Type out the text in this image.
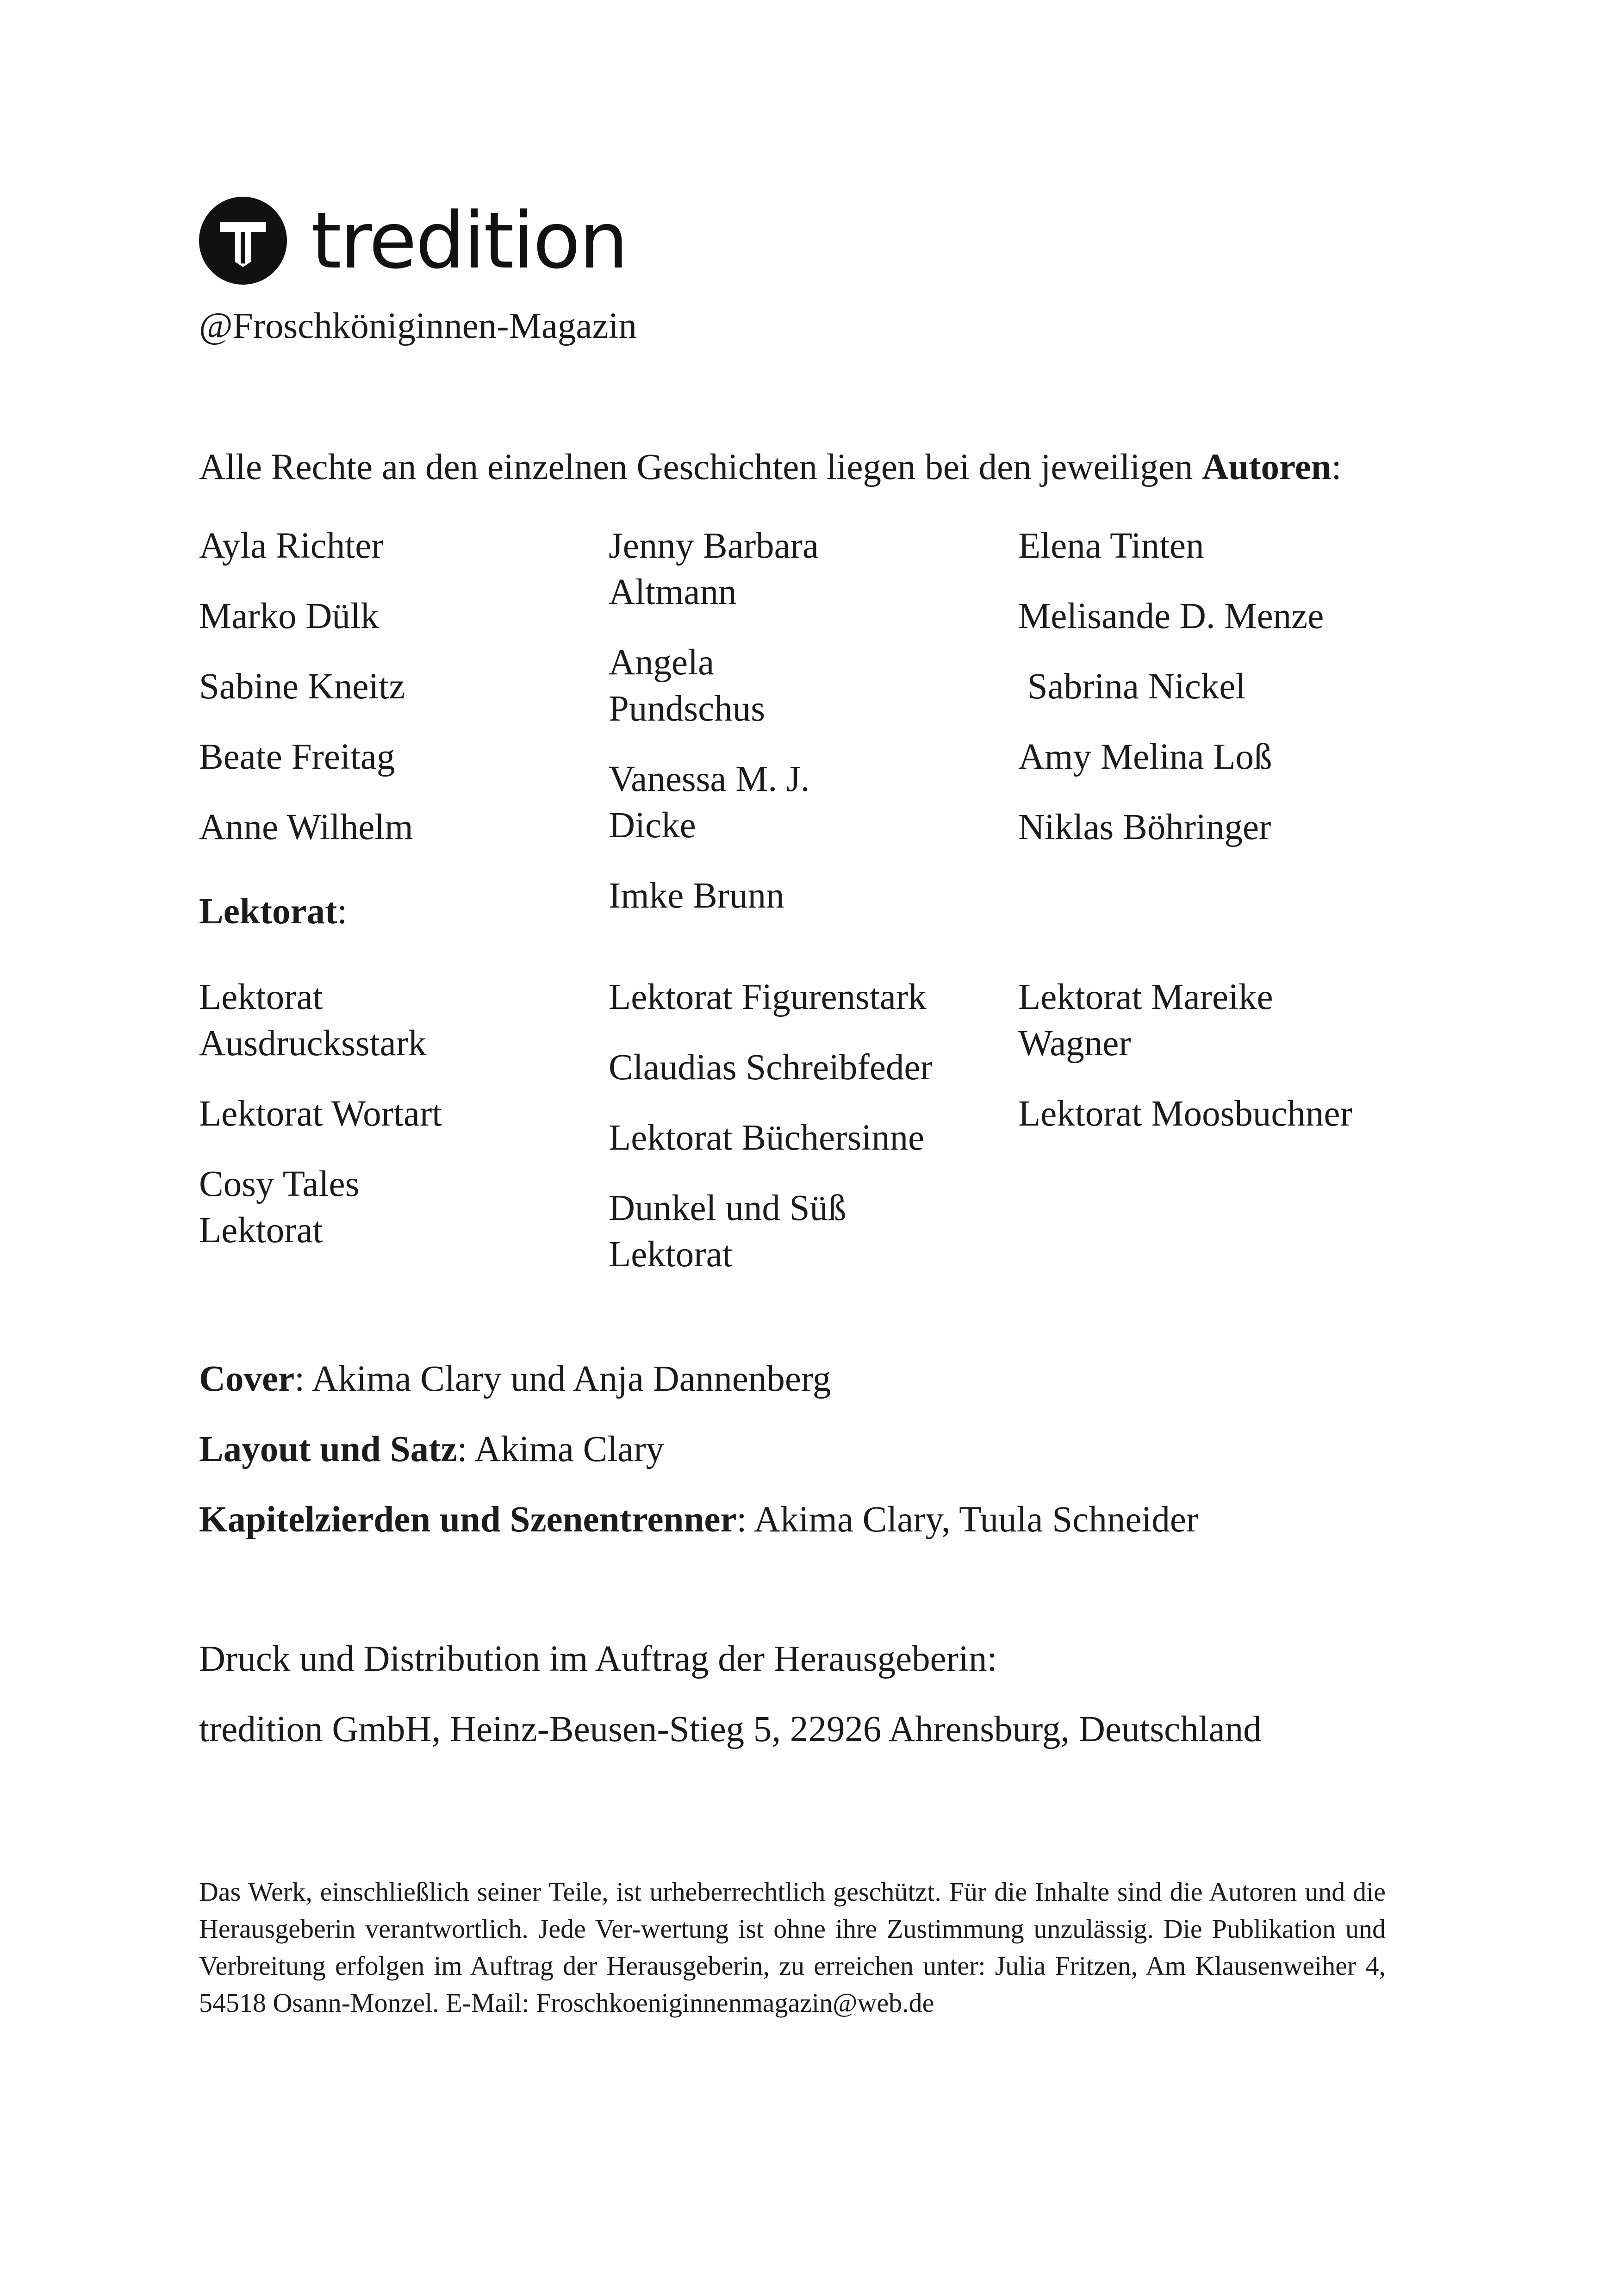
tredition
@Froschköniginnen-Magazin
Alle Rechte an den einzelnen Geschichten liegen bei den jeweiligen Autoren:
Ayla Richter
Marko Dülk
Sabine Kneitz
Beate Freitag
Anne Wilhelm
Jenny Barbara Altmann
Angela Pundschus
Vanessa M. J. Dicke
Imke Brunn
Elena Tinten
Melisande D. Menze
Sabrina Nickel
Amy Melina Loß
Niklas Böhringer
Lektorat:
Lektorat Ausdrucksstark
Lektorat Wortart
Cosy Tales Lektorat
Lektorat Figurenstark
Claudias Schreibfeder
Lektorat Büchersinne
Dunkel und Süß Lektorat
Lektorat Mareike Wagner
Lektorat Moosbuchner
Cover: Akima Clary und Anja Dannenberg
Layout und Satz: Akima Clary
Kapitelzierden und Szenentrenner: Akima Clary, Tuula Schneider
Druck und Distribution im Auftrag der Herausgeberin:
tredition GmbH, Heinz-Beusen-Stieg 5, 22926 Ahrensburg, Deutschland
Das Werk, einschließlich seiner Teile, ist urheberrechtlich geschützt. Für die Inhalte sind die Autoren und die Herausgeberin verantwortlich. Jede Ver-wertung ist ohne ihre Zustimmung unzulässig. Die Publikation und Verbreitung erfolgen im Auftrag der Herausgeberin, zu erreichen unter: Julia Fritzen, Am Klausenweiher 4, 54518 Osann-Monzel. E-Mail: Froschkoeniginnenmagazin@web.de
